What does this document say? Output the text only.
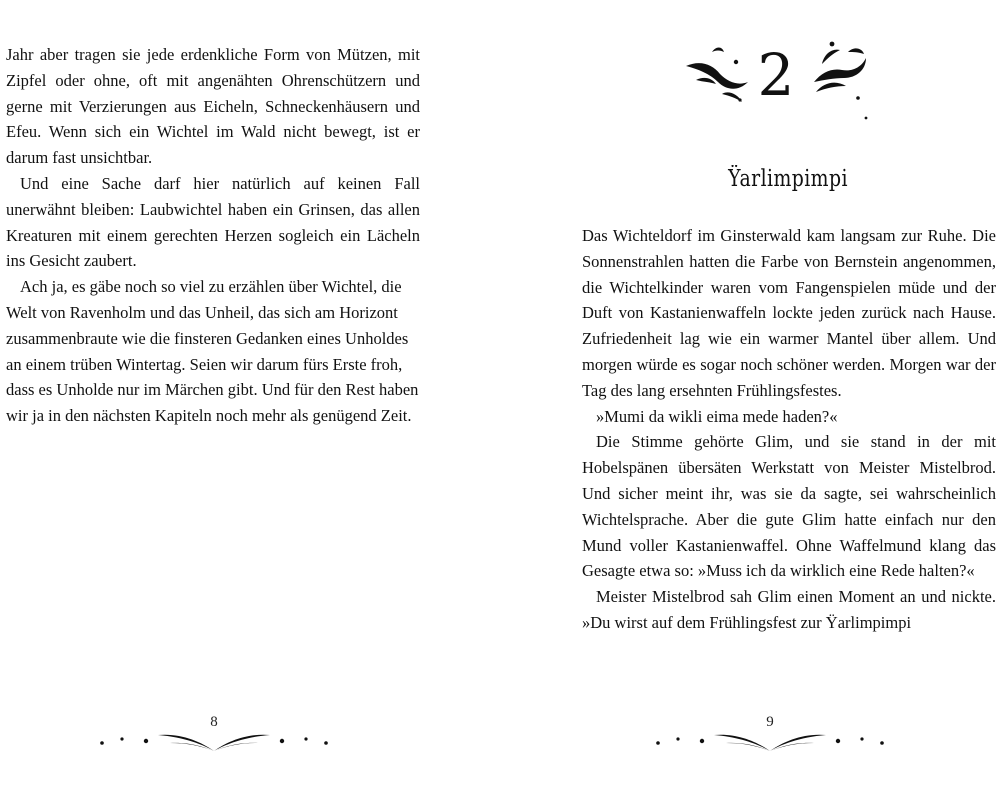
Jahr aber tragen sie jede erdenkliche Form von Mützen, mit Zipfel oder ohne, oft mit angenähten Ohrenschützern und gerne mit Verzierungen aus Eicheln, Schneckenhäusern und Efeu. Wenn sich ein Wichtel im Wald nicht bewegt, ist er darum fast unsichtbar.

Und eine Sache darf hier natürlich auf keinen Fall unerwähnt bleiben: Laubwichtel haben ein Grinsen, das allen Kreaturen mit einem gerechten Herzen sogleich ein Lächeln ins Gesicht zaubert.

Ach ja, es gäbe noch so viel zu erzählen über Wichtel, die Welt von Ravenholm und das Unheil, das sich am Horizont zusammenbraute wie die finsteren Gedanken eines Unholdes an einem trüben Wintertag. Seien wir darum fürs Erste froh, dass es Unholde nur im Märchen gibt. Und für den Rest haben wir ja in den nächsten Kapiteln noch mehr als genügend Zeit.

8
2
Ÿarlimpimpi

Das Wichteldorf im Ginsterwald kam langsam zur Ruhe. Die Sonnenstrahlen hatten die Farbe von Bernstein angenommen, die Wichtelkinder waren vom Fangenspielen müde und der Duft von Kastanienwaffeln lockte jeden zurück nach Hause. Zufriedenheit lag wie ein warmer Mantel über allem. Und morgen würde es sogar noch schöner werden. Morgen war der Tag des lang ersehnten Frühlingsfestes.

»Mumi da wikli eima mede haden?«

Die Stimme gehörte Glim, und sie stand in der mit Hobelspänen übersäten Werkstatt von Meister Mistelbrod. Und sicher meint ihr, was sie da sagte, sei wahrscheinlich Wichtelsprache. Aber die gute Glim hatte einfach nur den Mund voller Kastanienwaffel. Ohne Waffelmund klang das Gesagte etwa so: »Muss ich da wirklich eine Rede halten?«

Meister Mistelbrod sah Glim einen Moment an und nickte. »Du wirst auf dem Frühlingsfest zur Ÿarlimpimpi

9
